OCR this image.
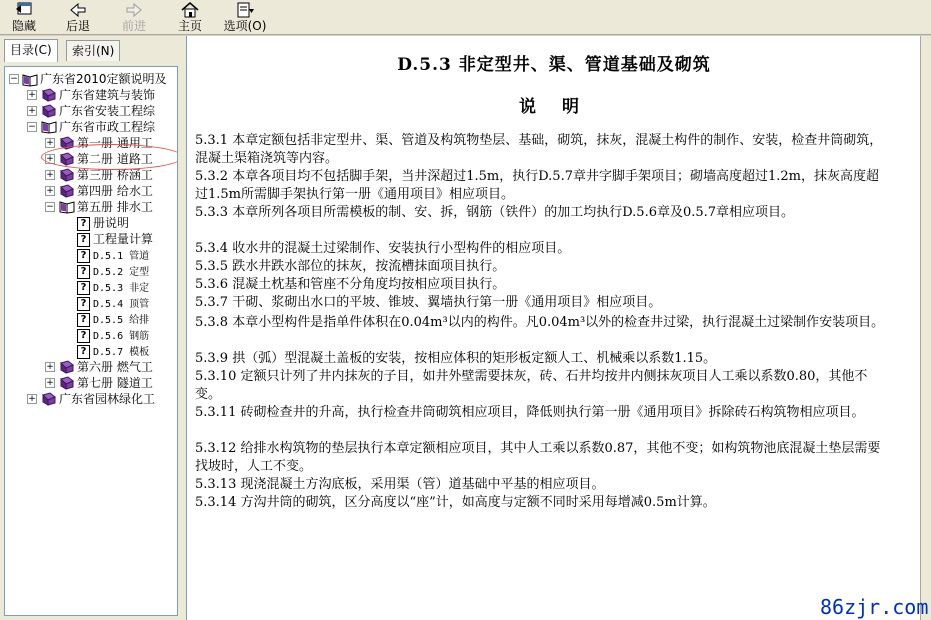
隐藏	后退	前进	主页	选项(O)
目录(C)	索引(N)
− 广东省2010定额说明及
+ 广东省建筑与装饰
+ 广东省安装工程综
− 广东省市政工程综
+ 第一册 通用工
+ 第二册 道路工
+ 第三册 桥涵工
+ 第四册 给水工
− 第五册 排水工
? 册说明
? 工程量计算
? D.5.1 管道
? D.5.2 定型
? D.5.3 非定
? D.5.4 顶管
? D.5.5 给排
? D.5.6 钢筋
? D.5.7 模板
+ 第六册 燃气工
+ 第七册 隧道工
+ 广东省园林绿化工
D.5.3 非定型井、渠、管道基础及砌筑
说 明
5.3.1 本章定额包括非定型井、渠、管道及构筑物垫层、基础，砌筑，抹灰，混凝土构件的制作、安装，检查井筒砌筑，混凝土渠箱浇筑等内容。
5.3.2 本章各项目均不包括脚手架，当井深超过1.5m，执行D.5.7章井字脚手架项目；砌墙高度超过1.2m，抹灰高度超过1.5m所需脚手架执行第一册《通用项目》相应项目。
5.3.3 本章所列各项目所需模板的制、安、拆，钢筋（铁件）的加工均执行D.5.6章及0.5.7章相应项目。
5.3.4 收水井的混凝土过梁制作、安装执行小型构件的相应项目。
5.3.5 跌水井跌水部位的抹灰，按流槽抹面项目执行。
5.3.6 混凝土枕基和管座不分角度均按相应项目执行。
5.3.7 干砌、浆砌出水口的平坡、锥坡、翼墙执行第一册《通用项目》相应项目。
5.3.8 本章小型构件是指单件体积在0.04m³以内的构件。凡0.04m³以外的检查井过梁，执行混凝土过梁制作安装项目。
5.3.9 拱（弧）型混凝土盖板的安装，按相应体积的矩形板定额人工、机械乘以系数1.15。
5.3.10 定额只计列了井内抹灰的子目，如井外壁需要抹灰，砖、石井均按井内侧抹灰项目人工乘以系数0.80，其他不变。
5.3.11 砖砌检查井的升高，执行检查井筒砌筑相应项目，降低则执行第一册《通用项目》拆除砖石构筑物相应项目。
5.3.12 给排水构筑物的垫层执行本章定额相应项目，其中人工乘以系数0.87，其他不变；如构筑物池底混凝土垫层需要找坡时，人工不变。
5.3.13 现浇混凝土方沟底板，采用渠（管）道基础中平基的相应项目。
5.3.14 方沟井筒的砌筑，区分高度以“座”计，如高度与定额不同时采用每增减0.5m计算。
86zjr.com
